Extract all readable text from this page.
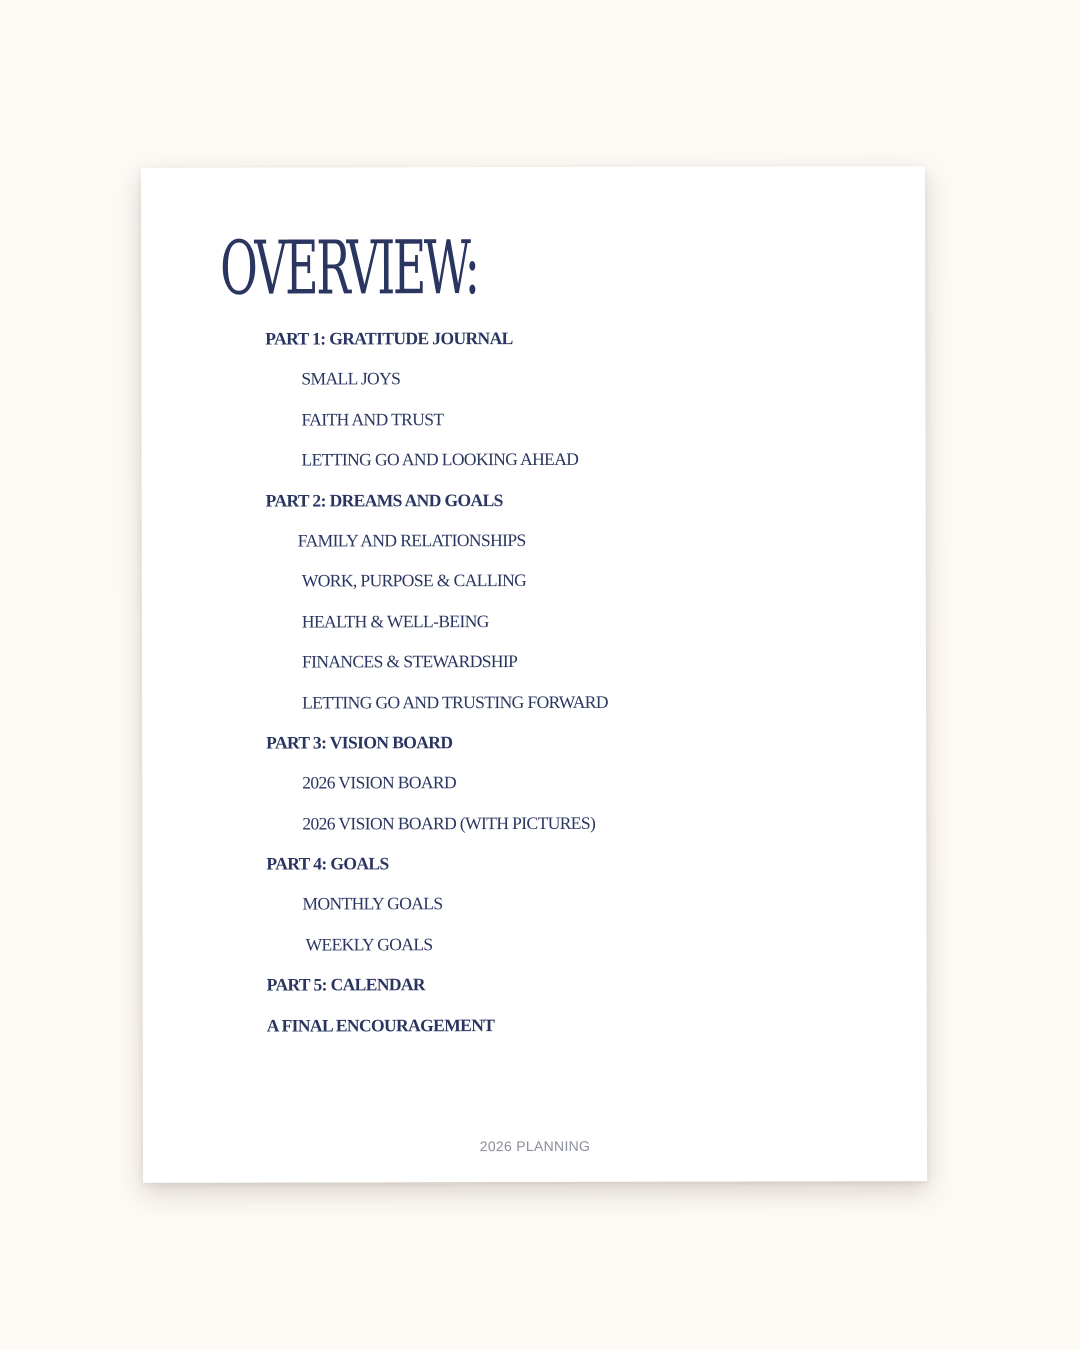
OVERVIEW:
PART 1: GRATITUDE JOURNAL
SMALL JOYS
FAITH AND TRUST
LETTING GO AND LOOKING AHEAD
PART 2: DREAMS AND GOALS
FAMILY AND RELATIONSHIPS
WORK, PURPOSE & CALLING
HEALTH & WELL-BEING
FINANCES & STEWARDSHIP
LETTING GO AND TRUSTING FORWARD
PART 3: VISION BOARD
2026 VISION BOARD
2026 VISION BOARD (WITH PICTURES)
PART 4: GOALS
MONTHLY GOALS
WEEKLY GOALS
PART 5: CALENDAR
A FINAL ENCOURAGEMENT
2026 PLANNING
